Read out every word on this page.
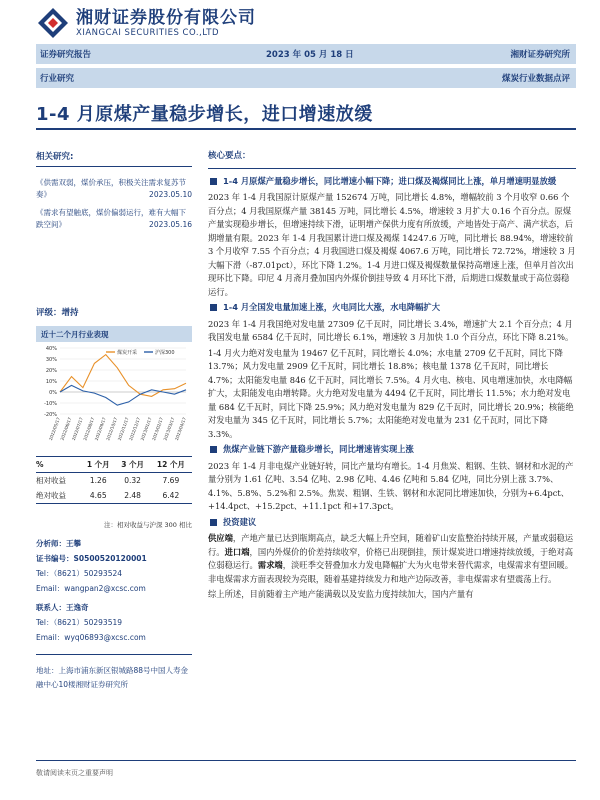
湘财证券股份有限公司
XIANGCAI SECURITIES CO.,LTD
证券研究报告	2023 年 05 月 18 日	湘财证券研究所
行业研究	煤炭行业数据点评
1-4 月原煤产量稳步增长，进口增速放缓
相关研究:
《供需双弱，煤价承压，积极关注需求复苏节奏》	2023.05.10
《需求有望触底，煤价偏弱运行，难有大幅下跌空间》	2023.05.16
评级：增持
近十二个月行业表现
40%
30%
20%
10%
0%
-10%
-20%
2022/05/17
2022/06/17
2022/07/17
2022/08/17
2022/09/17
2022/10/17
2022/11/17
2022/12/17
2023/01/17
2023/02/17
2023/03/17
2023/04/17
煤炭开采	沪深300
%	1 个月	3 个月	12 个月
相对收益	1.26	0.32	7.69
绝对收益	4.65	2.48	6.42
注：相对收益与沪深 300 相比
分析师：王攀
证书编号：S0500520120001
Tel：（8621）50293524
Email：wangpan2@xcsc.com
联系人：王逸奇
Tel：（8621）50293519
Email：wyq06893@xcsc.com
地址：上海市浦东新区银城路88号中国人寿金融中心10楼湘财证券研究所
核心要点：
1-4 月原煤产量稳步增长，同比增速小幅下降；进口煤及褐煤同比上涨，单月增速明显放缓

2023 年 1-4 月我国原计原煤产量 152674 万吨，同比增长 4.8%，增幅较前 3 个月收窄 0.66 个百分点；4 月我国原煤产量 38145 万吨，同比增长 4.5%，增速较 3 月扩大 0.16 个百分点。原煤产量实现稳步增长，但增速持续下滑，证明增产保供力度有所放缓，产地皆处于高产、满产状态，后期增量有限。2023 年 1-4 月我国累计进口煤及褐煤 14247.6 万吨，同比增长 88.94%，增速较前 3 个月收窄 7.55 个百分点；4 月我国进口煤及褐煤 4067.6 万吨，同比增长 72.72%，增速较 3 月大幅下滑（-87.01pct），环比下降 1.2%。1-4 月进口煤及褐煤数量保持高增速上涨，但单月首次出现环比下降。印尼 4 月斋月叠加国内外煤价倒挂导致 4 月环比下滑，后期进口煤数量或于高位弱稳运行。

1-4 月全国发电量加速上涨，火电同比大涨，水电降幅扩大

2023 年 1-4 月我国绝对发电量 27309 亿千瓦时，同比增长 3.4%，增速扩大 2.1 个百分点；4 月我国发电量 6584 亿千瓦时，同比增长 6.1%，增速较 3 月加快 1.0 个百分点，环比下降 8.21%。

1-4 月火力绝对发电量为 19467 亿千瓦时，同比增长 4.0%；水电量 2709 亿千瓦时，同比下降 13.7%；风力发电量 2909 亿千瓦时，同比增长 18.8%；核电量 1378 亿千瓦时，同比增长 4.7%；太阳能发电量 846 亿千瓦时，同比增长 7.5%。4 月火电、核电、风电增速加快，水电降幅扩大，太阳能发电由增转降。火力绝对发电量为 4494 亿千瓦时，同比增长 11.5%；水力绝对发电量 684 亿千瓦时，同比下降 25.9%；风力绝对发电量为 829 亿千瓦时，同比增长 20.9%；核能绝对发电量为 345 亿千瓦时，同比增长 5.7%；太阳能绝对发电量为 231 亿千瓦时，同比下降 3.3%。

焦煤产业链下游产量稳步增长，同比增速皆实现上涨

2023 年 1-4 月非电煤产业链好转，同比产量均有增长。1-4 月焦炭、粗钢、生铁、钢材和水泥的产量分别为 1.61 亿吨、3.54 亿吨、2.98 亿吨、4.46 亿吨和 5.84 亿吨，同比分别上涨 3.7%、4.1%、5.8%、5.2%和 2.5%。焦炭、粗钢、生铁、钢材和水泥同比增速加快，分别为+6.4pct、+14.4pct、+15.2pct、+11.1pct 和+17.3pct。

投资建议

供应端，产地产量已达到瓶期高点，缺乏大幅上升空间，随着矿山安监整治持续开展，产量或弱稳运行。进口端，国内外煤价的价差持续收窄，价格已出现倒挂，预计煤炭进口增速持续放缓，于绝对高位弱稳运行。需求端，淡旺季交替叠加水力发电降幅扩大为火电带来替代需求，电煤需求有望回暖。非电煤需求方面表现较为亮眼，随着基建持续发力和地产边际改善，非电煤需求有望震荡上行。

综上所述，目前随着主产地产能满载以及安监力度持续加大，国内产量有

敬请阅读末页之重要声明
